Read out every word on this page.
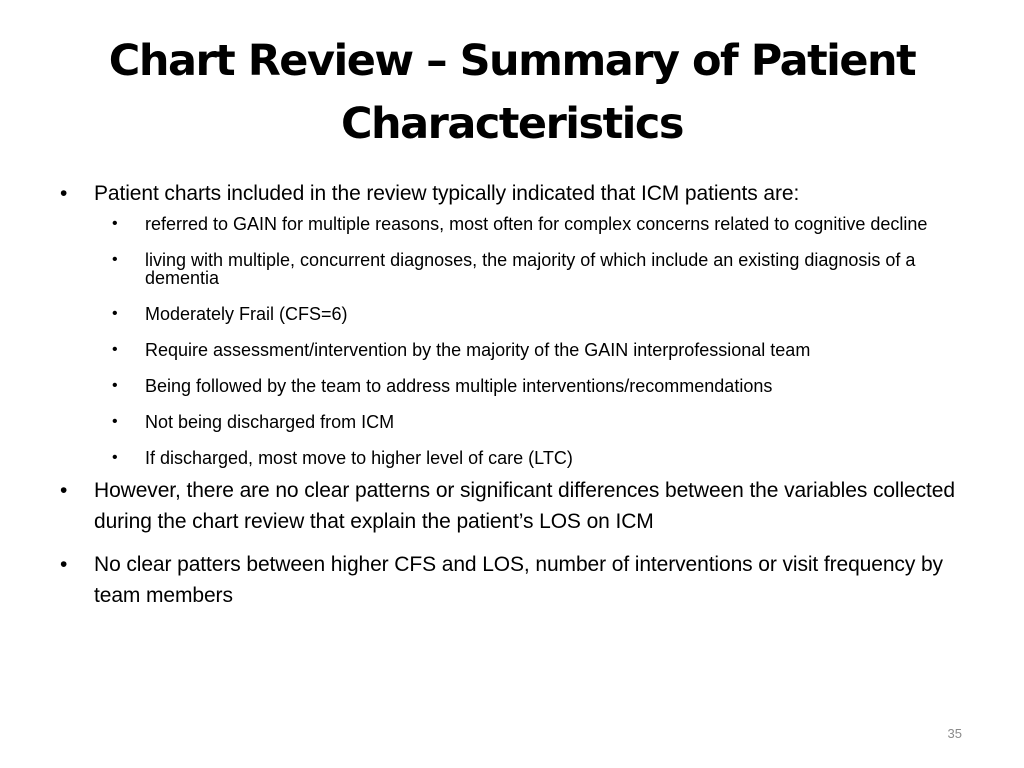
Chart Review – Summary of Patient Characteristics
• Patient charts included in the review typically indicated that ICM patients are:
• referred to GAIN for multiple reasons, most often for complex concerns related to cognitive decline
• living with multiple, concurrent diagnoses, the majority of which include an existing diagnosis of a dementia
• Moderately Frail (CFS=6)
• Require assessment/intervention by the majority of the GAIN interprofessional team
• Being followed by the team to address multiple interventions/recommendations
• Not being discharged from ICM
• If discharged, most move to higher level of care (LTC)
• However, there are no clear patterns or significant differences between the variables collected during the chart review that explain the patient’s LOS on ICM
• No clear patters between higher CFS and LOS, number of interventions or visit frequency by team members
35
